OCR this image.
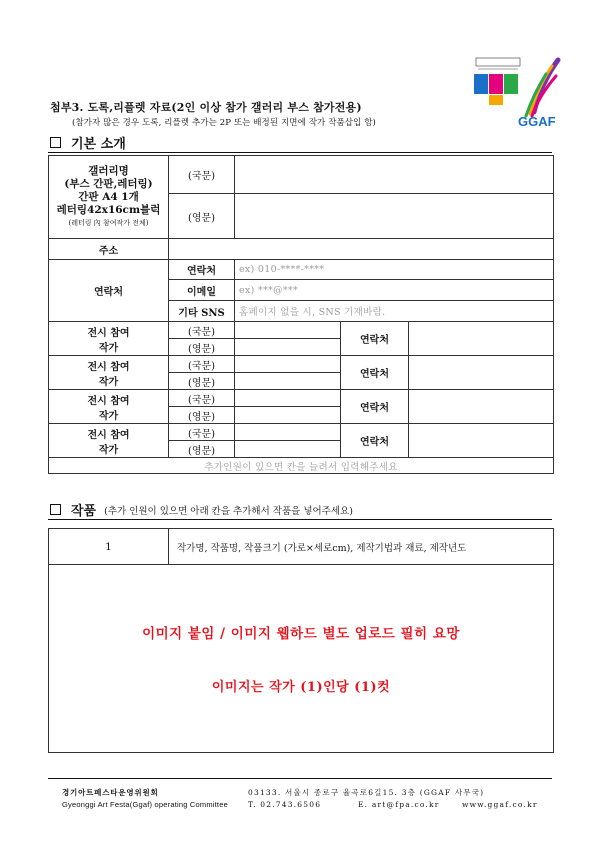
GGAF
첨부3. 도록,리플렛 자료(2인 이상 참가 갤러리 부스 참가전용)
(참가자 많은 경우 도록, 리플렛 추가는 2P 또는 배정된 지면에 작가 작품삽입 함)
기본 소개
갤러리명
(부스 간판,레터링)
간판 A4 1개
레터링42x16cm블럭
(레터링 內 참여작가 전체)	(국문)			
	(영문)			
주소				
연락처	연락처	ex) 010-****-****		
	이메일	ex) ***@***		
	기타 SNS	홈페이지 없을 시, SNS 기재바람.		

전시 참여
작가	(국문)		연락처	
	(영문)			

전시 참여
작가	(국문)		연락처	
	(영문)			

전시 참여
작가	(국문)		연락처	
	(영문)			

전시 참여
작가	(국문)		연락처	
	(영문)			
추가인원이 있으면 칸을 늘려서 입력해주세요				
작품 (추가 인원이 있으면 아래 칸을 추가해서 작품을 넣어주세요)
1	작가명, 작품명, 작품크기 (가로×세로cm), 제작기법과 재료, 제작년도

이미지 붙임 / 이미지 웹하드 별도 업로드 필히 요망
이미지는 작가 (1)인당 (1)컷
경기아트페스타운영위원회
Gyeonggi Art Festa(Ggaf) operating Committee
03133. 서울시 종로구 율곡로6길15. 3층 (GGAF 사무국)
T. 02.743.6506	E. art@fpa.co.kr	www.ggaf.co.kr
